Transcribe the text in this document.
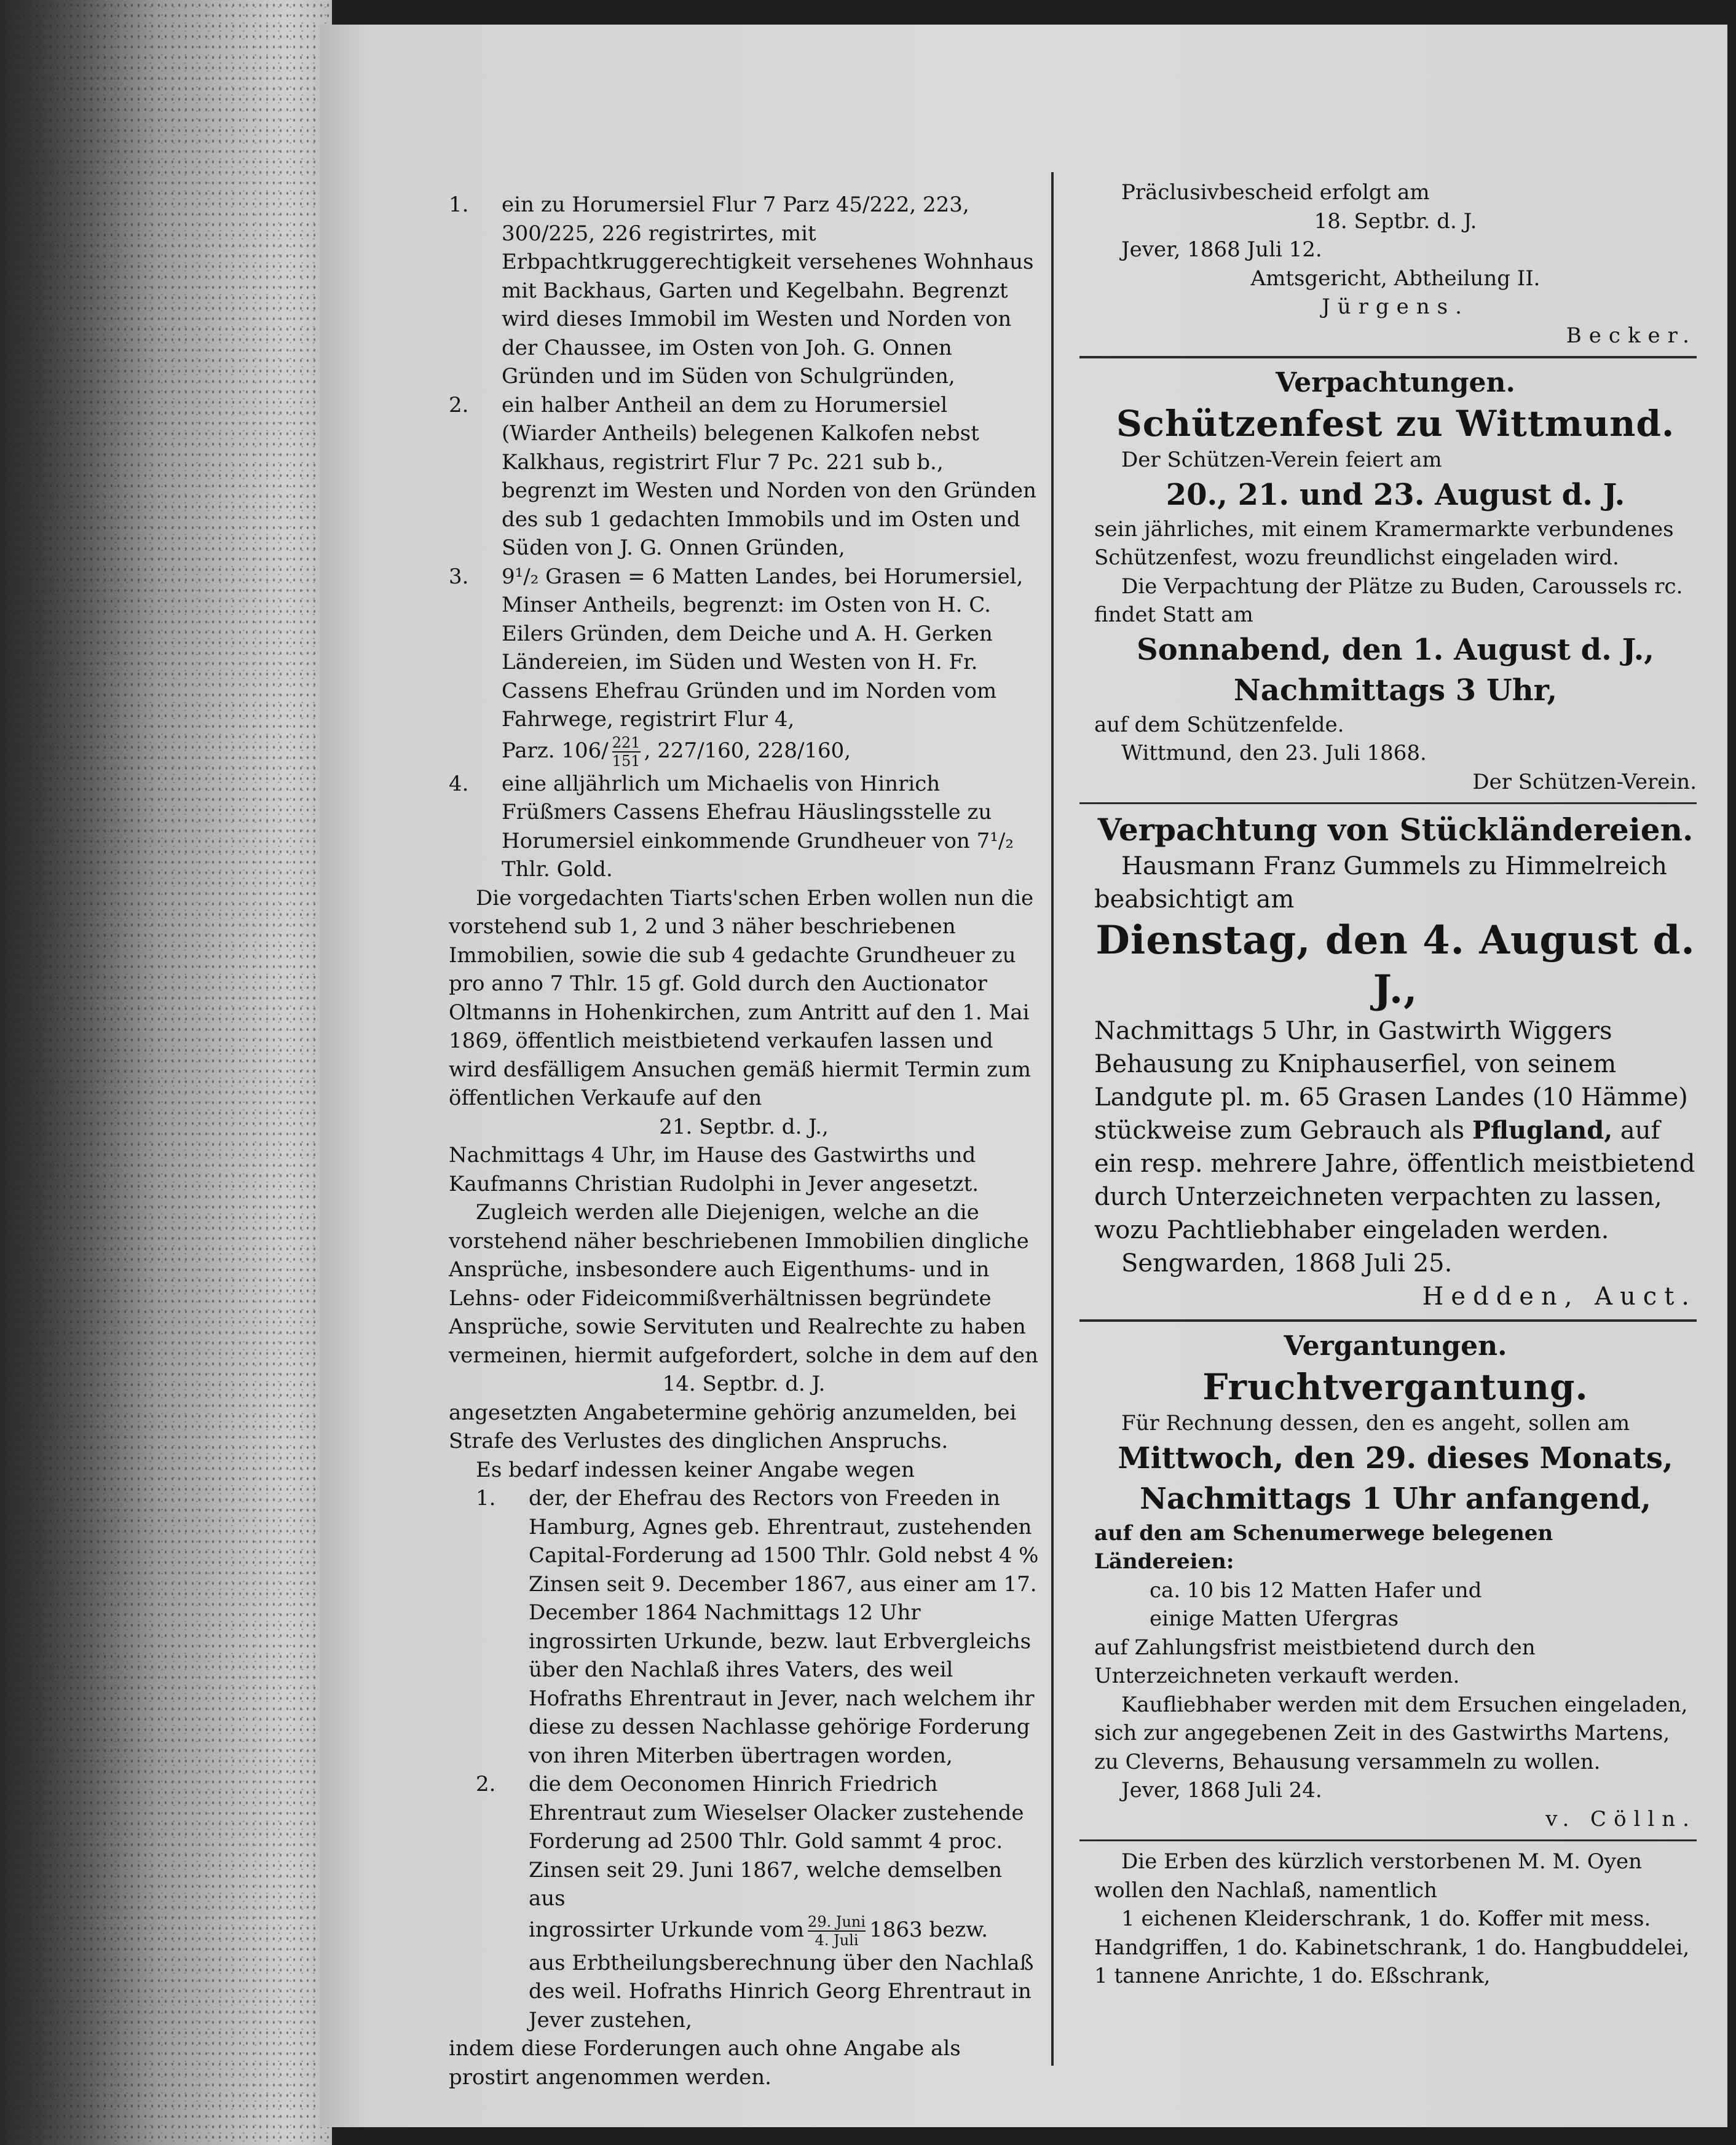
1.	ein zu Horumersiel Flur 7 Parz 45/222, 223, 300/225, 226 registrirtes, mit Erbpachtkruggerechtigkeit versehenes Wohnhaus mit Backhaus, Garten und Kegelbahn. Begrenzt wird dieses Immobil im Westen und Norden von der Chaussee, im Osten von Joh. G. Onnen Gründen und im Süden von Schulgründen,
2.	ein halber Antheil an dem zu Horumersiel (Wiarder Antheils) belegenen Kalkofen nebst Kalkhaus, registrirt Flur 7 Pc. 221 sub b., begrenzt im Westen und Norden von den Gründen des sub 1 gedachten Immobils und im Osten und Süden von J. G. Onnen Gründen,
3.	9¹/₂ Grasen = 6 Matten Landes, bei Horumersiel, Minser Antheils, begrenzt: im Osten von H. C. Eilers Gründen, dem Deiche und A. H. Gerken Ländereien, im Süden und Westen von H. Fr. Cassens Ehefrau Gründen und im Norden vom Fahrwege, registrirt Flur 4,
Parz. $106/ \frac{221}{151}$ , 227/160, 228/160,
4.	eine alljährlich um Michaelis von Hinrich Früßmers Cassens Ehefrau Häuslingsstelle zu Horumersiel einkommende Grundheuer von 7¹/₂ Thlr. Gold.
Die vorgedachten Tiarts'schen Erben wollen nun die vorstehend sub 1, 2 und 3 näher beschriebenen Immobilien, sowie die sub 4 gedachte Grundheuer zu pro anno 7 Thlr. 15 gf. Gold durch den Auctionator Oltmanns in Hohenkirchen, zum Antritt auf den 1. Mai 1869, öffentlich meistbietend verkaufen lassen und wird desfälligem Ansuchen gemäß hiermit Termin zum öffentlichen Verkaufe auf den
21. Septbr. d. J.,
Nachmittags 4 Uhr, im Hause des Gastwirths und Kaufmanns Christian Rudolphi in Jever angesetzt.
Zugleich werden alle Diejenigen, welche an die vorstehend näher beschriebenen Immobilien dingliche Ansprüche, insbesondere auch Eigenthums- und in Lehns- oder Fideicommißverhältnissen begründete Ansprüche, sowie Servituten und Realrechte zu haben vermeinen, hiermit aufgefordert, solche in dem auf den
14. Septbr. d. J.
angesetzten Angabetermine gehörig anzumelden, bei Strafe des Verlustes des dinglichen Anspruchs.
Es bedarf indessen keiner Angabe wegen
1.	der, der Ehefrau des Rectors von Freeden in Hamburg, Agnes geb. Ehrentraut, zustehenden Capital-Forderung ad 1500 Thlr. Gold nebst 4 % Zinsen seit 9. December 1867, aus einer am 17. December 1864 Nachmittags 12 Uhr ingrossirten Urkunde, bezw. laut Erbvergleichs über den Nachlaß ihres Vaters, des weil Hofraths Ehrentraut in Jever, nach welchem ihr diese zu dessen Nachlasse gehörige Forderung von ihren Miterben übertragen worden,
2.	die dem Oeconomen Hinrich Friedrich Ehrentraut zum Wieselser Olacker zustehende Forderung ad 2500 Thlr. Gold sammt 4 proc. Zinsen seit 29. Juni 1867, welche demselben aus
ingrossirter Urkunde vom $\frac{\text{29. Juni}}{\text{4. Juli}} 1863$ bezw.
aus Erbtheilungsberechnung über den Nachlaß des weil. Hofraths Hinrich Georg Ehrentraut in Jever zustehen,
indem diese Forderungen auch ohne Angabe als prostirt angenommen werden.
Präclusivbescheid erfolgt am
18. Septbr. d. J.
Jever, 1868 Juli 12.
Amtsgericht, Abtheilung II.
Jürgens.
Becker.
Verpachtungen.
Schützenfest zu Wittmund.
Der Schützen-Verein feiert am
20., 21. und 23. August d. J.
sein jährliches, mit einem Kramermarkte verbundenes Schützenfest, wozu freundlichst eingeladen wird.
Die Verpachtung der Plätze zu Buden, Caroussels rc. findet Statt am
Sonnabend, den 1. August d. J.,
Nachmittags 3 Uhr,
auf dem Schützenfelde.
Wittmund, den 23. Juli 1868.
Der Schützen-Verein.
Verpachtung von Stückländereien.
Hausmann Franz Gummels zu Himmelreich beabsichtigt am
Dienstag, den 4. August d. J.,
Nachmittags 5 Uhr, in Gastwirth Wiggers Behausung zu Kniphauserfiel, von seinem Landgute pl. m. 65 Grasen Landes (10 Hämme) stückweise zum Gebrauch als Pflugland, auf ein resp. mehrere Jahre, öffentlich meistbietend durch Unterzeichneten verpachten zu lassen, wozu Pachtliebhaber eingeladen werden.
Sengwarden, 1868 Juli 25.
Hedden, Auct.
Vergantungen.
Fruchtvergantung.
Für Rechnung dessen, den es angeht, sollen am
Mittwoch, den 29. dieses Monats,
Nachmittags 1 Uhr anfangend,
auf den am Schenumerwege belegenen Ländereien:
ca. 10 bis 12 Matten Hafer und
einige Matten Ufergras
auf Zahlungsfrist meistbietend durch den Unterzeichneten verkauft werden.
Kaufliebhaber werden mit dem Ersuchen eingeladen, sich zur angegebenen Zeit in des Gastwirths Martens, zu Cleverns, Behausung versammeln zu wollen.
Jever, 1868 Juli 24.
v. Cölln.
Die Erben des kürzlich verstorbenen M. M. Oyen wollen den Nachlaß, namentlich
1 eichenen Kleiderschrank, 1 do. Koffer mit mess. Handgriffen, 1 do. Kabinetschrank, 1 do. Hangbuddelei, 1 tannene Anrichte, 1 do. Eßschrank,
